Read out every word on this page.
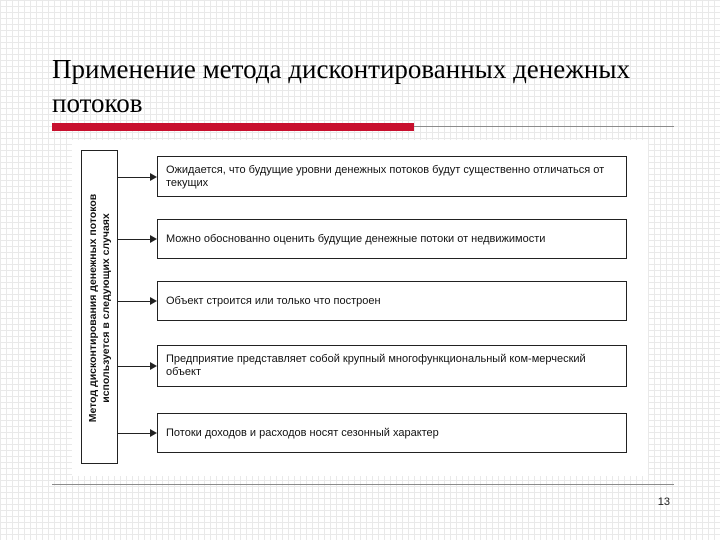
Применение метода дисконтированных денежных потоков
Метод дисконтирования денежных потоков используется в следующих случаях
Ожидается, что будущие уровни денежных потоков будут существенно отличаться от текущих
Можно обоснованно оценить будущие денежные потоки от недвижимости
Объект строится или только что построен
Предприятие представляет собой крупный многофункциональный ком-мерческий объект
Потоки доходов и расходов носят сезонный характер
13
